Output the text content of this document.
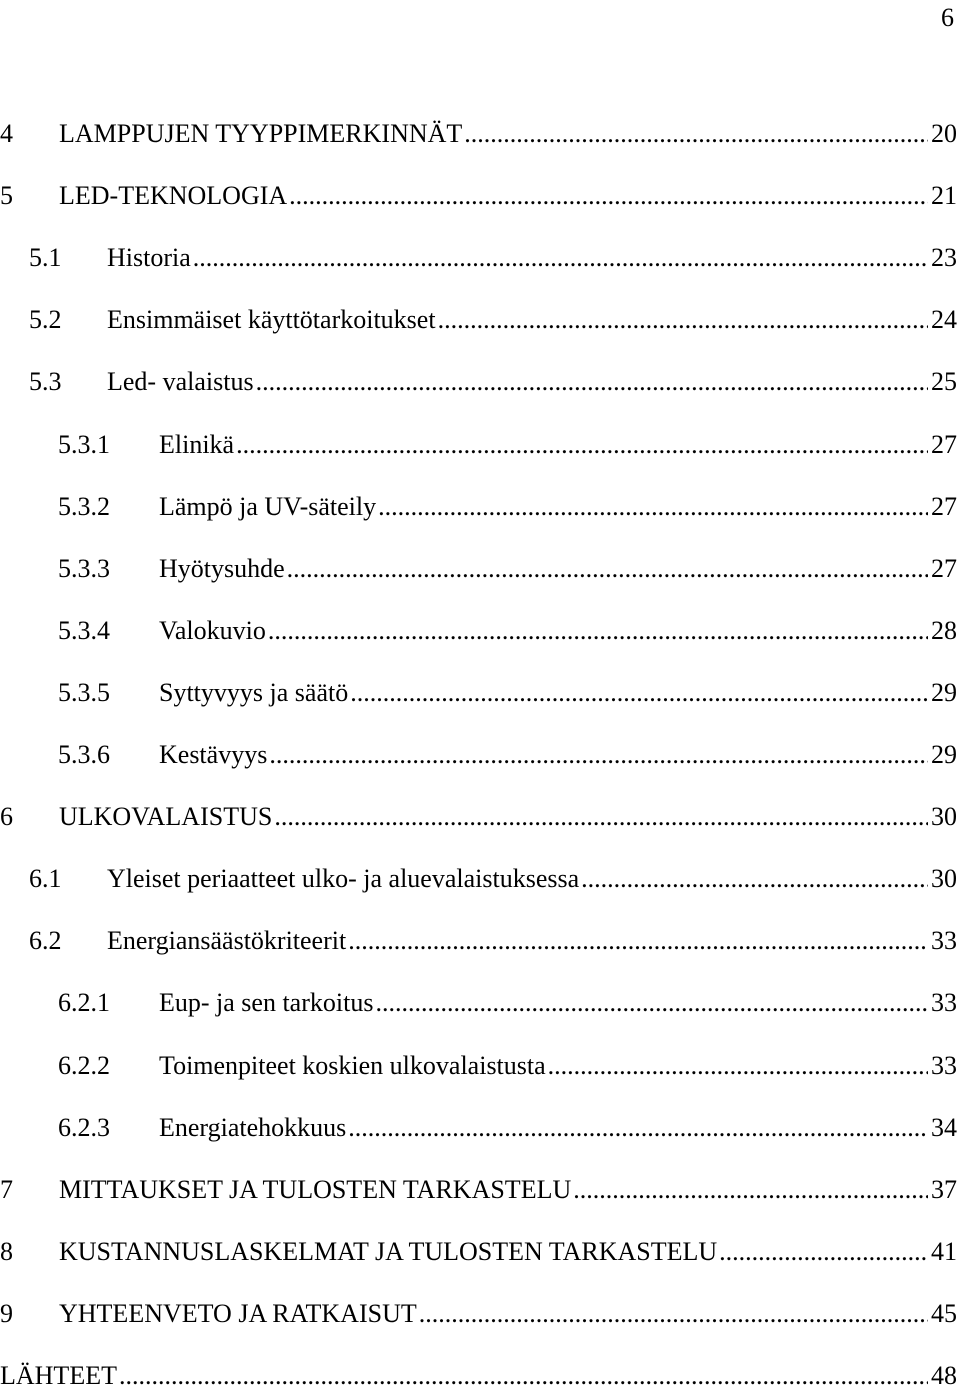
6
4	LAMPPUJEN TYYPPIMERKINNÄT .....	20
5	LED-TEKNOLOGIA .....	21
5.1	Historia .....	23
5.2	Ensimmäiset käyttötarkoitukset .....	24
5.3	Led- valaistus .....	25
5.3.1	Elinikä .....	27
5.3.2	Lämpö ja UV-säteily .....	27
5.3.3	Hyötysuhde .....	27
5.3.4	Valokuvio .....	28
5.3.5	Syttyvyys ja säätö .....	29
5.3.6	Kestävyys .....	29
6	ULKOVALAISTUS .....	30
6.1	Yleiset periaatteet ulko- ja aluevalaistuksessa .....	30
6.2	Energiansäästökriteerit .....	33
6.2.1	Eup- ja sen tarkoitus .....	33
6.2.2	Toimenpiteet koskien ulkovalaistusta .....	33
6.2.3	Energiatehokkuus .....	34
7	MITTAUKSET JA TULOSTEN TARKASTELU .....	37
8	KUSTANNUSLASKELMAT JA TULOSTEN TARKASTELU .....	41
9	YHTEENVETO JA RATKAISUT .....	45
LÄHTEET .....	48
